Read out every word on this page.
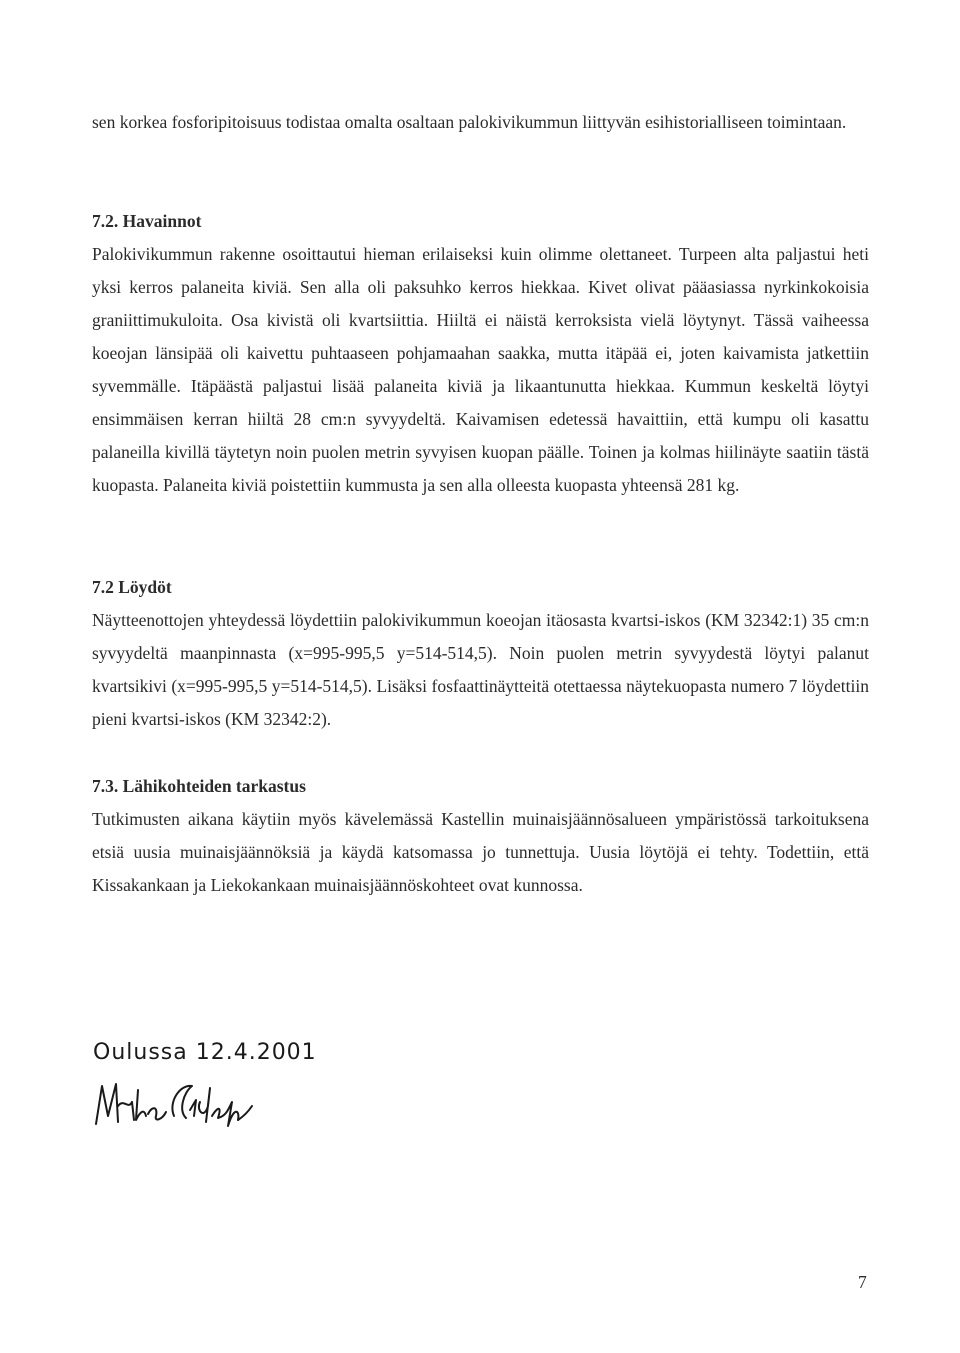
sen korkea fosforipitoisuus todistaa omalta osaltaan palokivikummun liittyvän esihistorialliseen toimintaan.

7.2. Havainnot

Palokivikummun rakenne osoittautui hieman erilaiseksi kuin olimme olettaneet. Turpeen alta paljastui heti yksi kerros palaneita kiviä. Sen alla oli paksuhko kerros hiekkaa. Kivet olivat pääasiassa nyrkinkokoisia graniittimukuloita. Osa kivistä oli kvartsiittia. Hiiltä ei näistä kerroksista vielä löytynyt. Tässä vaiheessa koeojan länsipää oli kaivettu puhtaaseen pohjamaahan saakka, mutta itäpää ei, joten kaivamista jatkettiin syvemmälle. Itäpäästä paljastui lisää palaneita kiviä ja likaantunutta hiekkaa. Kummun keskeltä löytyi ensimmäisen kerran hiiltä 28 cm:n syvyydeltä. Kaivamisen edetessä havaittiin, että kumpu oli kasattu palaneilla kivillä täytetyn noin puolen metrin syvyisen kuopan päälle. Toinen ja kolmas hiilinäyte saatiin tästä kuopasta. Palaneita kiviä poistettiin kummusta ja sen alla olleesta kuopasta yhteensä 281 kg.

7.2 Löydöt

Näytteenottojen yhteydessä löydettiin palokivikummun koeojan itäosasta kvartsi-iskos (KM 32342:1) 35 cm:n syvyydeltä maanpinnasta (x=995-995,5 y=514-514,5). Noin puolen metrin syvyydestä löytyi palanut kvartsikivi (x=995-995,5 y=514-514,5). Lisäksi fosfaattinäytteitä otettaessa näytekuopasta numero 7 löydettiin pieni kvartsi-iskos (KM 32342:2).

7.3. Lähikohteiden tarkastus

Tutkimusten aikana käytiin myös kävelemässä Kastellin muinaisjäännösalueen ympäristössä tarkoituksena etsiä uusia muinaisjäännöksiä ja käydä katsomassa jo tunnettuja. Uusia löytöjä ei tehty. Todettiin, että Kissakankaan ja Liekokankaan muinaisjäännöskohteet ovat kunnossa.

Oulussa 12.4.2001

7
